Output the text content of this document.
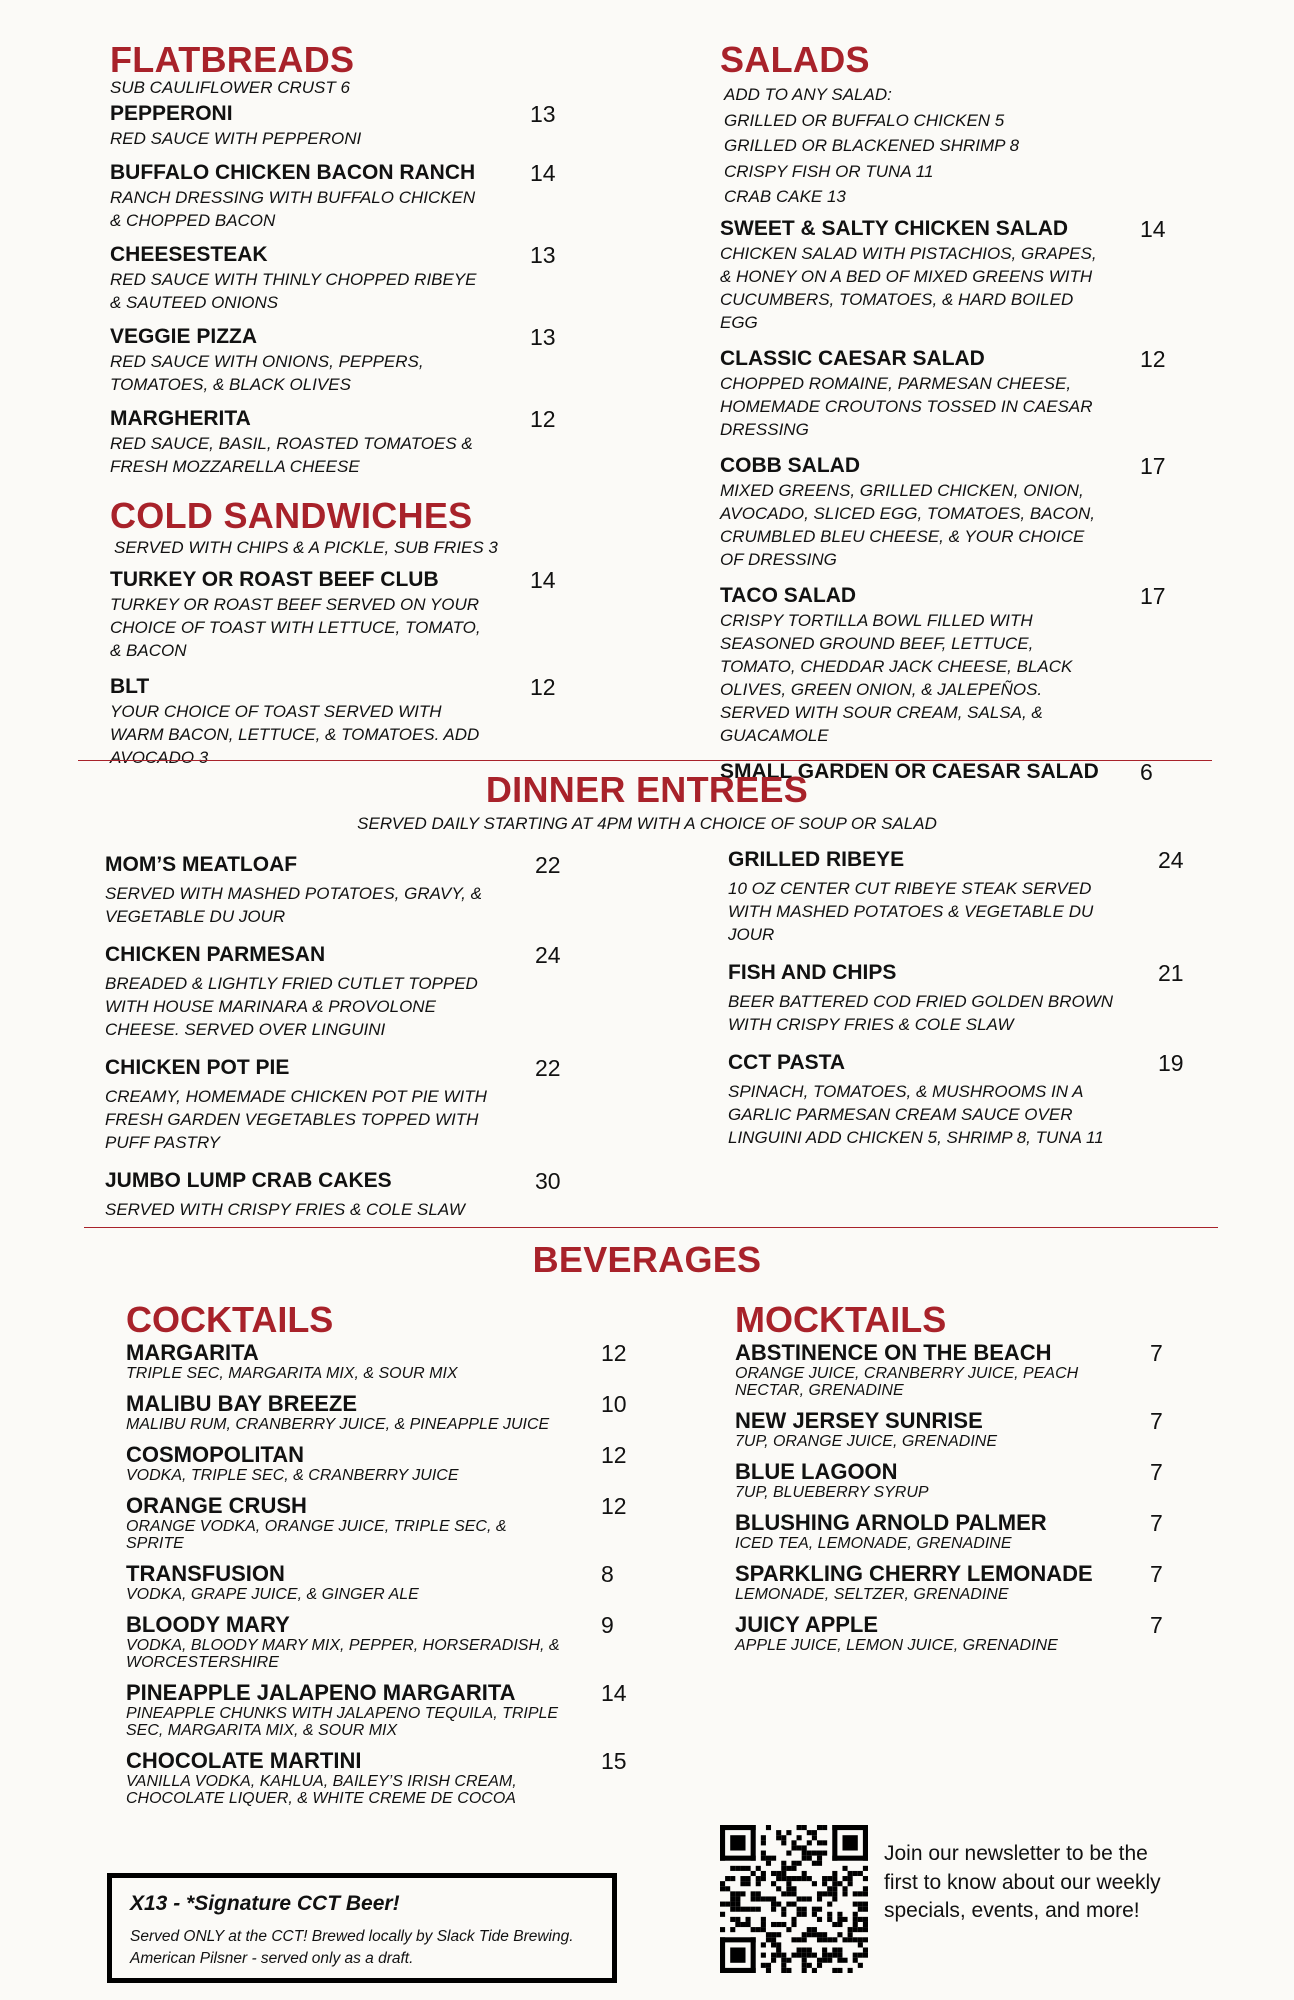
FLATBREADS

SUB CAULIFLOWER CRUST 6

PEPPERONI	13

RED SAUCE WITH PEPPERONI

BUFFALO CHICKEN BACON RANCH	14

RANCH DRESSING WITH BUFFALO CHICKEN & CHOPPED BACON

CHEESESTEAK	13

RED SAUCE WITH THINLY CHOPPED RIBEYE & SAUTEED ONIONS

VEGGIE PIZZA	13

RED SAUCE WITH ONIONS, PEPPERS, TOMATOES, & BLACK OLIVES

MARGHERITA	12

RED SAUCE, BASIL, ROASTED TOMATOES & FRESH MOZZARELLA CHEESE

COLD SANDWICHES

SERVED WITH CHIPS & A PICKLE, SUB FRIES 3

TURKEY OR ROAST BEEF CLUB	14

TURKEY OR ROAST BEEF SERVED ON YOUR CHOICE OF TOAST WITH LETTUCE, TOMATO, & BACON

BLT	12

YOUR CHOICE OF TOAST SERVED WITH WARM BACON, LETTUCE, & TOMATOES. ADD AVOCADO 3

SALADS

ADD TO ANY SALAD:

GRILLED OR BUFFALO CHICKEN 5

GRILLED OR BLACKENED SHRIMP 8

CRISPY FISH OR TUNA 11

CRAB CAKE 13

SWEET & SALTY CHICKEN SALAD	14

CHICKEN SALAD WITH PISTACHIOS, GRAPES, & HONEY ON A BED OF MIXED GREENS WITH CUCUMBERS, TOMATOES, & HARD BOILED EGG

CLASSIC CAESAR SALAD	12

CHOPPED ROMAINE, PARMESAN CHEESE, HOMEMADE CROUTONS TOSSED IN CAESAR DRESSING

COBB SALAD	17

MIXED GREENS, GRILLED CHICKEN, ONION, AVOCADO, SLICED EGG, TOMATOES, BACON, CRUMBLED BLEU CHEESE, & YOUR CHOICE OF DRESSING

TACO SALAD	17

CRISPY TORTILLA BOWL FILLED WITH SEASONED GROUND BEEF, LETTUCE, TOMATO, CHEDDAR JACK CHEESE, BLACK OLIVES, GREEN ONION, & JALEPEÑOS. SERVED WITH SOUR CREAM, SALSA, & GUACAMOLE

SMALL GARDEN OR CAESAR SALAD 6
DINNER ENTREES

SERVED DAILY STARTING AT 4PM WITH A CHOICE OF SOUP OR SALAD

MOM’S MEATLOAF	22

SERVED WITH MASHED POTATOES, GRAVY, & VEGETABLE DU JOUR

CHICKEN PARMESAN	24

BREADED & LIGHTLY FRIED CUTLET TOPPED WITH HOUSE MARINARA & PROVOLONE CHEESE. SERVED OVER LINGUINI

CHICKEN POT PIE	22

CREAMY, HOMEMADE CHICKEN POT PIE WITH FRESH GARDEN VEGETABLES TOPPED WITH PUFF PASTRY

JUMBO LUMP CRAB CAKES	30

SERVED WITH CRISPY FRIES & COLE SLAW

GRILLED RIBEYE	24

10 OZ CENTER CUT RIBEYE STEAK SERVED WITH MASHED POTATOES & VEGETABLE DU JOUR

FISH AND CHIPS	21

BEER BATTERED COD FRIED GOLDEN BROWN WITH CRISPY FRIES & COLE SLAW

CCT PASTA	19

SPINACH, TOMATOES, & MUSHROOMS IN A GARLIC PARMESAN CREAM SAUCE OVER LINGUINI ADD CHICKEN 5, SHRIMP 8, TUNA 11

BEVERAGES
COCKTAILS

MARGARITA	12

TRIPLE SEC, MARGARITA MIX, & SOUR MIX

MALIBU BAY BREEZE	10

MALIBU RUM, CRANBERRY JUICE, & PINEAPPLE JUICE

COSMOPOLITAN	12

VODKA, TRIPLE SEC, & CRANBERRY JUICE

ORANGE CRUSH	12

ORANGE VODKA, ORANGE JUICE, TRIPLE SEC, & SPRITE

TRANSFUSION	8

VODKA, GRAPE JUICE, & GINGER ALE

BLOODY MARY	9

VODKA, BLOODY MARY MIX, PEPPER, HORSERADISH, & WORCESTERSHIRE

PINEAPPLE JALAPENO MARGARITA	14

PINEAPPLE CHUNKS WITH JALAPENO TEQUILA, TRIPLE SEC, MARGARITA MIX, & SOUR MIX

CHOCOLATE MARTINI	15

VANILLA VODKA, KAHLUA, BAILEY’S IRISH CREAM, CHOCOLATE LIQUER, & WHITE CREME DE COCOA

MOCKTAILS

ABSTINENCE ON THE BEACH	7

ORANGE JUICE, CRANBERRY JUICE, PEACH NECTAR, GRENADINE

NEW JERSEY SUNRISE	7

7UP, ORANGE JUICE, GRENADINE

BLUE LAGOON	7

7UP, BLUEBERRY SYRUP

BLUSHING ARNOLD PALMER	7

ICED TEA, LEMONADE, GRENADINE

SPARKLING CHERRY LEMONADE	7

LEMONADE, SELTZER, GRENADINE

JUICY APPLE	7

APPLE JUICE, LEMON JUICE, GRENADINE

X13 - *Signature CCT Beer!

Served ONLY at the CCT! Brewed locally by Slack Tide Brewing. American Pilsner - served only as a draft.

Join our newsletter to be the first to know about our weekly specials, events, and more!
